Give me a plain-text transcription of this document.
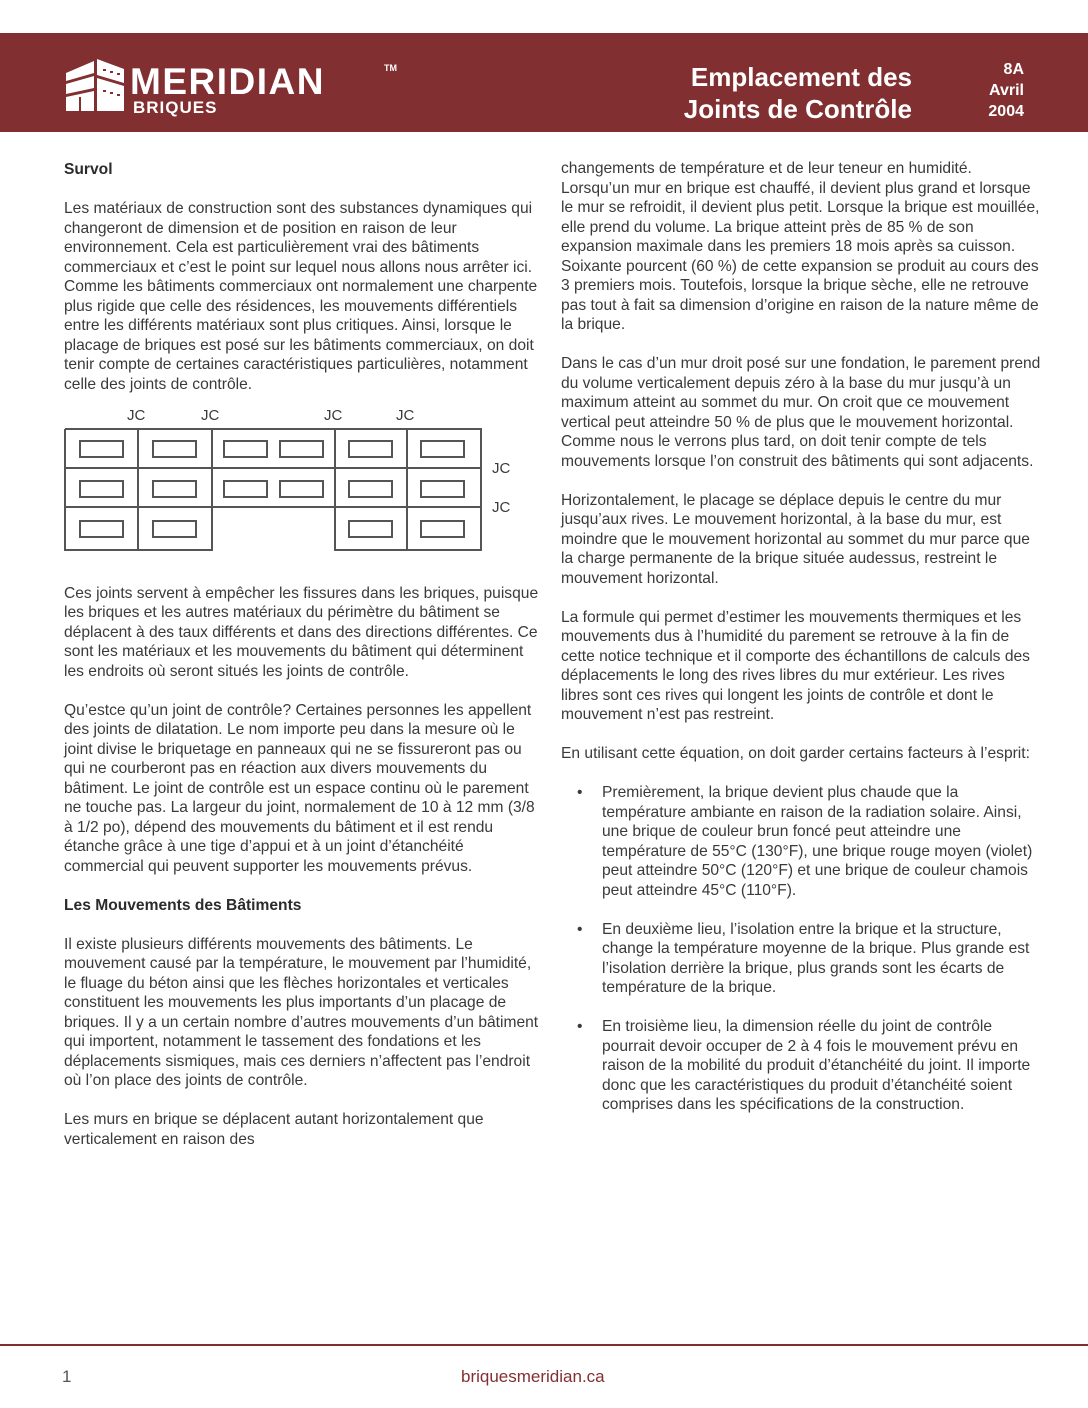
MERIDIAN	TM
BRIQUES
Emplacement des
Joints de Contrôle
8A
Avril
2004
Survol

Les matériaux de construction sont des substances dynamiques qui changeront de dimension et de position en raison de leur environnement. Cela est particulièrement vrai des bâtiments commerciaux et c’est le point sur lequel nous allons nous arrêter ici. Comme les bâtiments commerciaux ont normalement une charpente plus rigide que celle des résidences, les mouvements différentiels entre les différents matériaux sont plus critiques. Ainsi, lorsque le placage de briques est posé sur les bâtiments commerciaux, on doit tenir compte de certaines caractéristiques particulières, notamment celle des joints de contrôle.

JC	JC	JC	JC
JC
JC

Ces joints servent à empêcher les fissures dans les briques, puisque les briques et les autres matériaux du périmètre du bâtiment se déplacent à des taux différents et dans des directions différentes. Ce sont les matériaux et les mouvements du bâtiment qui déterminent les endroits où seront situés les joints de contrôle.

Qu’estce qu’un joint de contrôle? Certaines personnes les appellent des joints de dilatation. Le nom importe peu dans la mesure où le joint divise le briquetage en panneaux qui ne se fissureront pas ou qui ne courberont pas en réaction aux divers mouvements du bâtiment. Le joint de contrôle est un espace continu où le parement ne touche pas. La largeur du joint, normalement de 10 à 12 mm (3/8 à 1/2 po), dépend des mouvements du bâtiment et il est rendu étanche grâce à une tige d’appui et à un joint d’étanchéité commercial qui peuvent supporter les mouvements prévus.

Les Mouvements des Bâtiments

Il existe plusieurs différents mouvements des bâtiments. Le mouvement causé par la température, le mouvement par l’humidité, le fluage du béton ainsi que les flèches horizontales et verticales constituent les mouvements les plus importants d’un placage de briques. Il y a un certain nombre d’autres mouvements d’un bâtiment qui importent, notamment le tassement des fondations et les déplacements sismiques, mais ces derniers n’affectent pas l’endroit où l’on place des joints de contrôle.

Les murs en brique se déplacent autant horizontalement que verticalement en raison des

changements de température et de leur teneur en humidité. Lorsqu’un mur en brique est chauffé, il devient plus grand et lorsque le mur se refroidit, il devient plus petit. Lorsque la brique est mouillée, elle prend du volume. La brique atteint près de 85 % de son expansion maximale dans les premiers 18 mois après sa cuisson. Soixante pourcent (60 %) de cette expansion se produit au cours des 3 premiers mois. Toutefois, lorsque la brique sèche, elle ne retrouve pas tout à fait sa dimension d’origine en raison de la nature même de la brique.

Dans le cas d’un mur droit posé sur une fondation, le parement prend du volume verticalement depuis zéro à la base du mur jusqu’à un maximum atteint au sommet du mur. On croit que ce mouvement vertical peut atteindre 50 % de plus que le mouvement horizontal. Comme nous le verrons plus tard, on doit tenir compte de tels mouvements lorsque l’on construit des bâtiments qui sont adjacents.

Horizontalement, le placage se déplace depuis le centre du mur jusqu’aux rives. Le mouvement horizontal, à la base du mur, est moindre que le mouvement horizontal au sommet du mur parce que la charge permanente de la brique située audessus, restreint le mouvement horizontal.

La formule qui permet d’estimer les mouvements thermiques et les mouvements dus à l’humidité du parement se retrouve à la fin de cette notice technique et il comporte des échantillons de calculs des déplacements le long des rives libres du mur extérieur. Les rives libres sont ces rives qui longent les joints de contrôle et dont le mouvement n’est pas restreint.

En utilisant cette équation, on doit garder certains facteurs à l’esprit:

• Premièrement, la brique devient plus chaude que la température ambiante en raison de la radiation solaire. Ainsi, une brique de couleur brun foncé peut atteindre une température de 55°C (130°F), une brique rouge moyen (violet) peut atteindre 50°C (120°F) et une brique de couleur chamois peut atteindre 45°C (110°F).
• En deuxième lieu, l’isolation entre la brique et la structure, change la température moyenne de la brique. Plus grande est l’isolation derrière la brique, plus grands sont les écarts de température de la brique.
• En troisième lieu, la dimension réelle du joint de contrôle pourrait devoir occuper de 2 à 4 fois le mouvement prévu en raison de la mobilité du produit d’étanchéité du joint. Il importe donc que les caractéristiques du produit d’étanchéité soient comprises dans les spécifications de la construction.
1	briquesmeridian.ca
